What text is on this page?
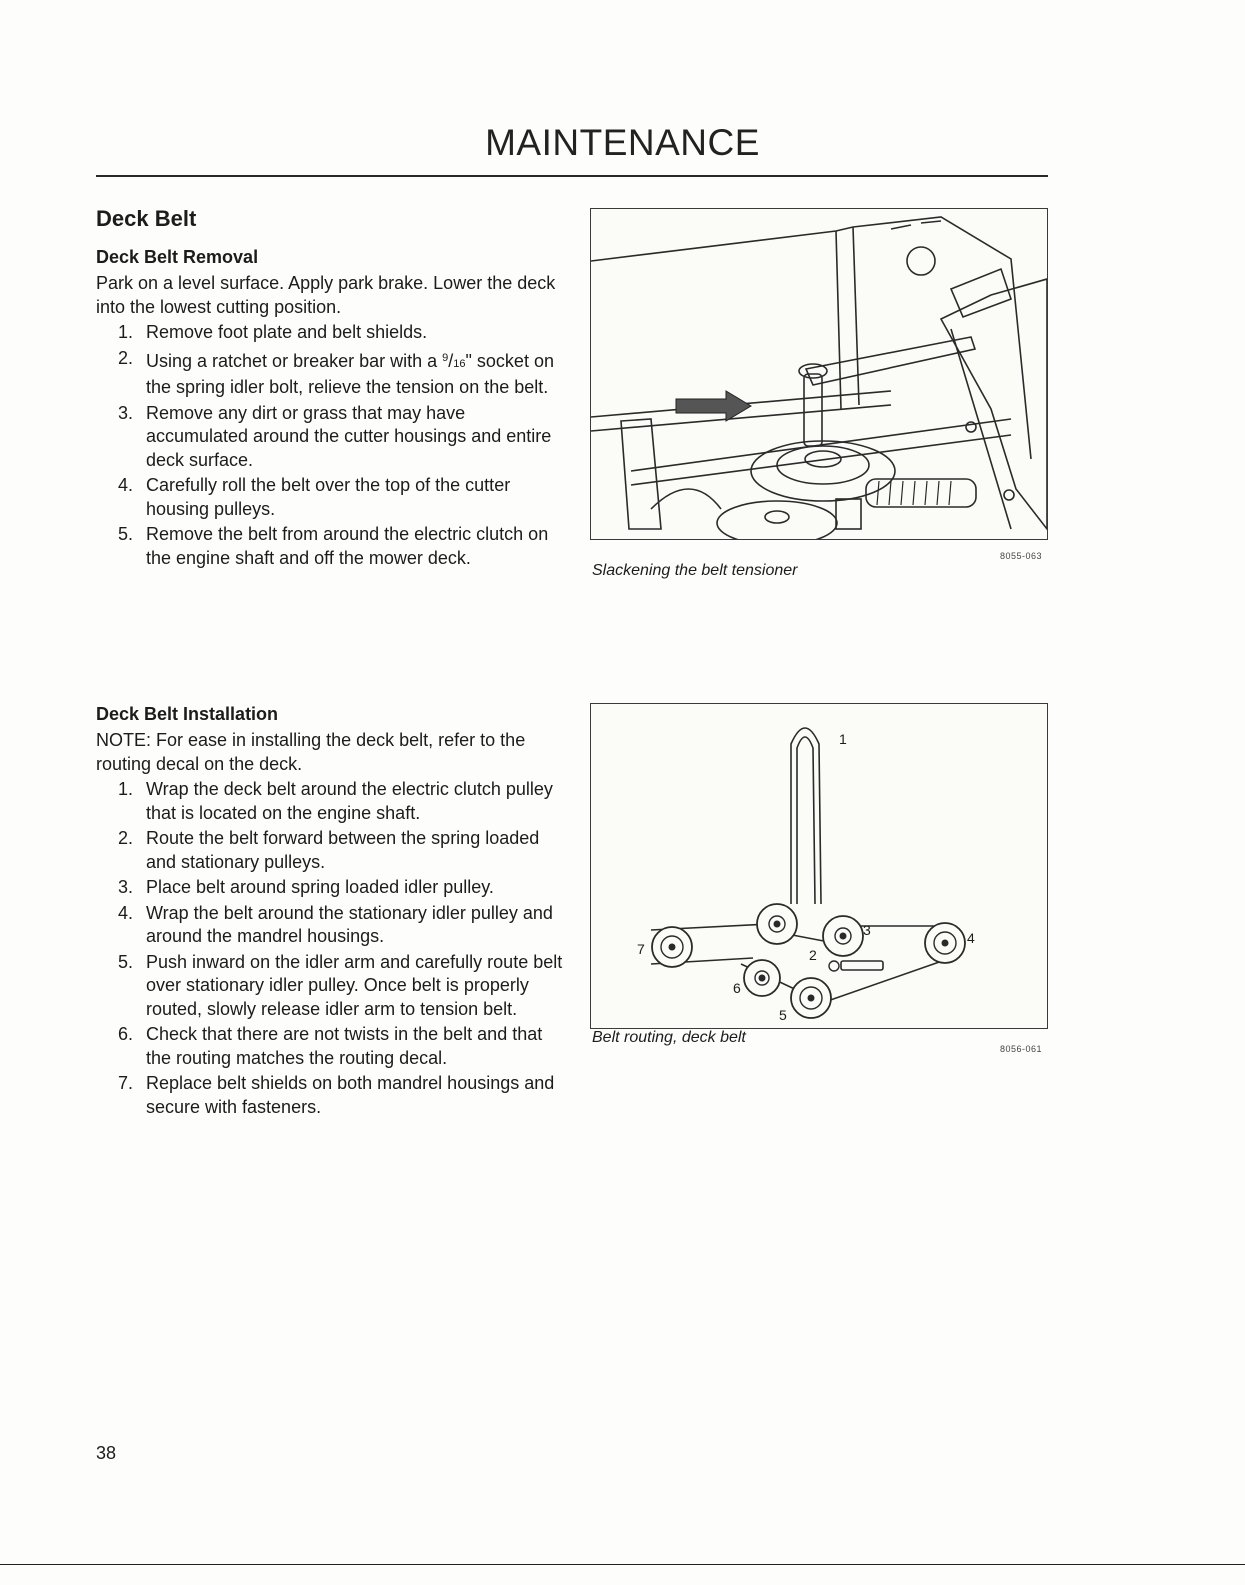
MAINTENANCE
Deck Belt
Deck Belt Removal

Park on a level surface. Apply park brake. Lower the deck into the lowest cutting position.

1. Remove foot plate and belt shields.
2. Using a ratchet or breaker bar with a $^9$/16" socket on the spring idler bolt, relieve the tension on the belt.
3. Remove any dirt or grass that may have accumulated around the cutter housings and entire deck surface.
4. Carefully roll the belt over the top of the cutter housing pulleys.
5. Remove the belt from around the electric clutch on the engine shaft and off the mower deck.
Deck Belt Installation

NOTE: For ease in installing the deck belt, refer to the routing decal on the deck.

1. Wrap the deck belt around the electric clutch pulley that is located on the engine shaft.
2. Route the belt forward between the spring loaded and stationary pulleys.
3. Place belt around spring loaded idler pulley.
4. Wrap the belt around the stationary idler pulley and around the mandrel housings.
5. Push inward on the idler arm and carefully route belt over stationary idler pulley. Once belt is properly routed, slowly release idler arm to tension belt.
6. Check that there are not twists in the belt and that the routing matches the routing decal.
7. Replace belt shields on both mandrel housings and secure with fasteners.
Slackening the belt tensioner
8055-063
1
2
3	4
5
6
7
Belt routing, deck belt
8056-061
38
